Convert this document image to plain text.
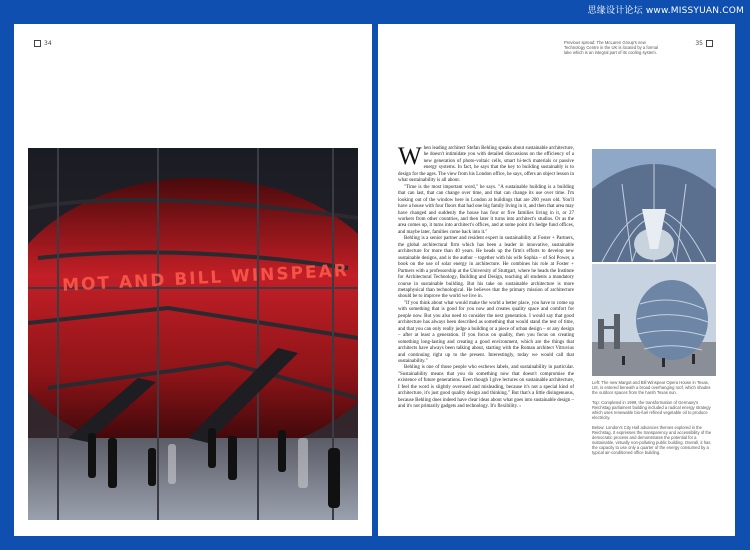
思缘设计论坛 www.MISSYUAN.COM
34
MOT AND BILL WINSPEAR
Previous spread: The McLaren Group's new Technology Centre in the UK is located by a formal lake which is an integral part of its cooling system.
35

When leading architect Stefan Behling speaks about sustainable architecture, he doesn't intimidate you with detailed discussions on the efficiency of a new generation of photo-voltaic cells, smart hi-tech materials or passive energy systems. In fact, he says that the key to building sustainably is to design for the ages. The view from his London office, he says, offers an object lesson in what sustainability is all about.

"Time is the most important word," he says. "A sustainable building is a building that can last, that can change over time, and that can change its use over time. I'm looking out of the window here in London at buildings that are 200 years old. You'll have a house with four floors that had one big family living in it, and then that area may have changed and suddenly the house has four or five families living in it, or 27 workers from other countries, and then later it turns into architect's studios. Or as the area comes up, it turns into architect's offices, and at some point it's hedge fund offices, and maybe later, families come back into it."

Behling is a senior partner and resident expert in sustainability at Foster + Partners, the global architectural firm which has been a leader in innovative, sustainable architecture for more than 40 years. He heads up the firm's efforts to develop new sustainable designs, and is the author – together with his wife Sophia – of Sol Power, a book on the use of solar energy in architecture. He combines his role at Foster + Partners with a professorship at the University of Stuttgart, where he heads the Institute for Architectural Technology, Building and Design, teaching all students a mandatory course in sustainable building. But his take on sustainable architecture is more metaphysical than technological. He believes that the primary mission of architecture should be to improve the world we live in.

"If you think about what would make the world a better place, you have to come up with something that is good for you now and creates quality space and comfort for people now. But you also need to consider the next generation. I would say that good architecture has always been described as something that would stand the test of time, and that you can only really judge a building or a piece of urban design – or any design – after at least a generation. If you focus on quality, then you focus on creating something long-lasting and creating a good environment, which are the things that architects have always been talking about, starting with the Roman architect Vitruvius and continuing right up to the present. Interestingly, today we would call that sustainability."

Behling is one of those people who eschews labels, and sustainability in particular. "Sustainability means that you do something now that doesn't compromise the existence of future generations. Even though I give lectures on sustainable architecture, I feel the word is slightly overused and misleading, because it's not a special kind of architecture, it's just good quality design and thinking." But that's a little disingenuous, because Behling does indeed have clear ideas about what goes into sustainable design – and it's not primarily gadgets and technology. It's flexibility. ›

Left: The new Margot and Bill Winspear Opera House in Texas, US, is entered beneath a broad overhanging roof, which shades the outdoor spaces from the harsh Texas sun.

Top: Completed in 1999, the transformation of Germany's Reichstag parliament building included a radical energy strategy which uses renewable bio-fuel refined vegetable oil to produce electricity.

Below: London's City Hall advances themes explored in the Reichstag. It expresses the transparency and accessibility of the democratic process and demonstrates the potential for a sustainable, virtually non-polluting public building. Overall, it has the capacity to use only a quarter of the energy consumed by a typical air-conditioned office building.
